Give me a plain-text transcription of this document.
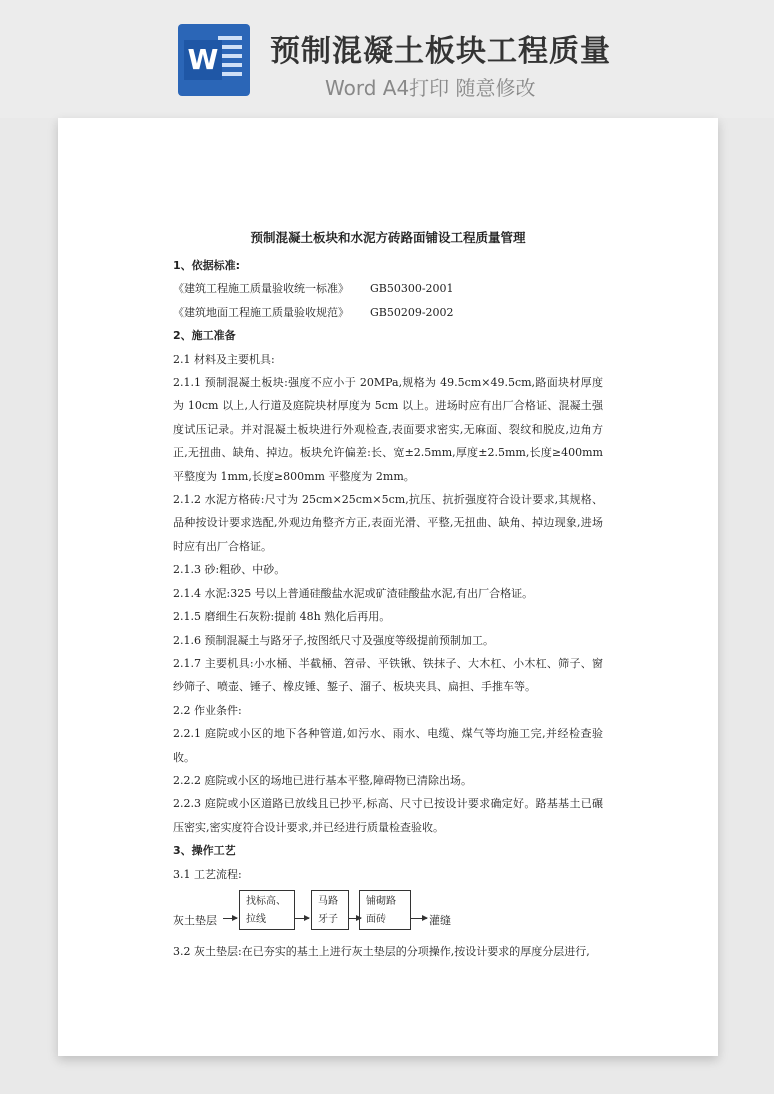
W 预制混凝土板块工程质量
Word A4打印 随意修改
预制混凝土板块和水泥方砖路面铺设工程质量管理

1、依据标准:

《建筑工程施工质量验收统一标准》      GB50300-2001

《建筑地面工程施工质量验收规范》      GB50209-2002

2、施工准备

2.1 材料及主要机具:

2.1.1 预制混凝土板块:强度不应小于 20MPa,规格为 49.5cm×49.5cm,路面块材厚度为 10cm 以上,人行道及庭院块材厚度为 5cm 以上。进场时应有出厂合格证、混凝土强度试压记录。并对混凝土板块进行外观检查,表面要求密实,无麻面、裂纹和脱皮,边角方正,无扭曲、缺角、掉边。板块允许偏差:长、宽±2.5mm,厚度±2.5mm,长度≥400mm 平整度为 1mm,长度≥800mm 平整度为 2mm。

2.1.2 水泥方格砖:尺寸为 25cm×25cm×5cm,抗压、抗折强度符合设计要求,其规格、品种按设计要求选配,外观边角整齐方正,表面光滑、平整,无扭曲、缺角、掉边现象,进场时应有出厂合格证。

2.1.3 砂:粗砂、中砂。

2.1.4 水泥:325 号以上普通硅酸盐水泥或矿渣硅酸盐水泥,有出厂合格证。

2.1.5 磨细生石灰粉:提前 48h 熟化后再用。

2.1.6 预制混凝土与路牙子,按图纸尺寸及强度等级提前预制加工。

2.1.7 主要机具:小水桶、半截桶、笤帚、平铁锹、铁抹子、大木杠、小木杠、筛子、窗纱筛子、喷壶、锤子、橡皮锤、錾子、溜子、板块夹具、扁担、手推车等。

2.2 作业条件:

2.2.1 庭院或小区的地下各种管道,如污水、雨水、电缆、煤气等均施工完,并经检查验收。

2.2.2 庭院或小区的场地已进行基本平整,障碍物已清除出场。

2.2.3 庭院或小区道路已放线且已抄平,标高、尺寸已按设计要求确定好。路基基土已碾压密实,密实度符合设计要求,并已经进行质量检查验收。

3、操作工艺

3.1 工艺流程:

灰土垫层
找标高、拉线
马路牙子
铺砌路面砖	灌缝

3.2 灰土垫层:在已夯实的基土上进行灰土垫层的分项操作,按设计要求的厚度分层进行,
